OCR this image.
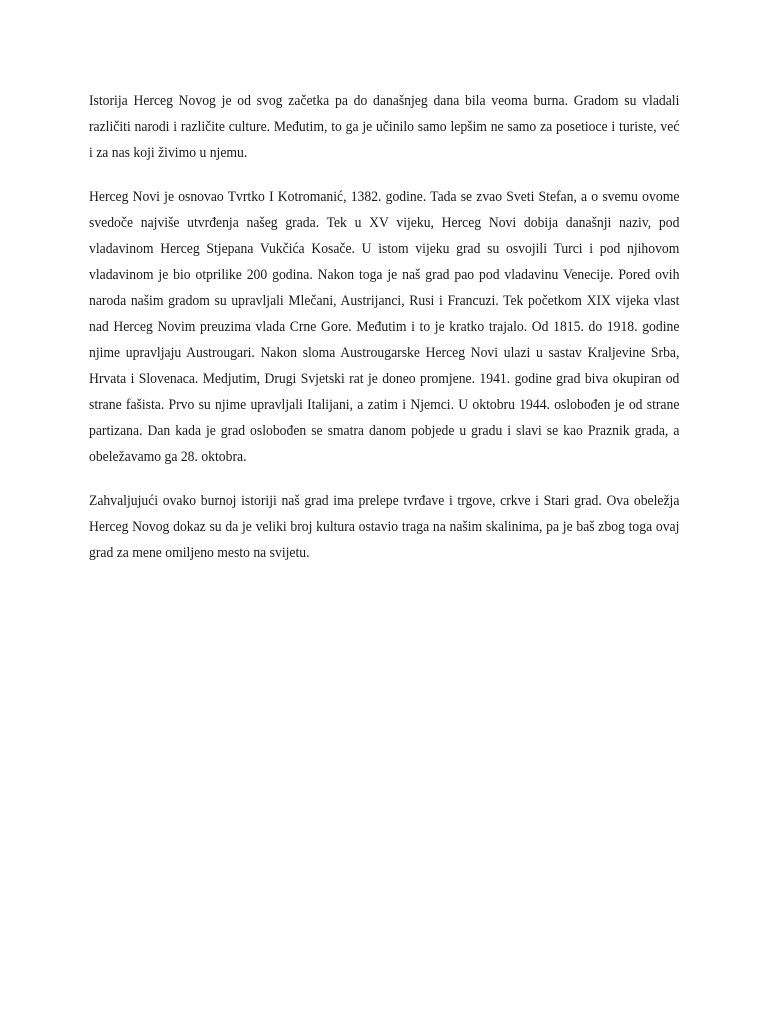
Istorija Herceg Novog je od svog začetka pa do današnjeg dana bila veoma burna. Gradom su vladali različiti narodi i različite culture. Međutim, to ga je učinilo samo lepšim ne samo za posetioce i turiste, već i za nas koji živimo u njemu.

Herceg Novi je osnovao Tvrtko I Kotromanić, 1382. godine. Tada se zvao Sveti Stefan, a o svemu ovome svedoče najviše utvrđenja našeg grada. Tek u XV vijeku, Herceg Novi dobija današnji naziv, pod vladavinom Herceg Stjepana Vukčića Kosače. U istom vijeku grad su osvojili Turci i pod njihovom vladavinom je bio otprilike 200 godina. Nakon toga je naš grad pao pod vladavinu Venecije. Pored ovih naroda našim gradom su upravljali Mlečani, Austrijanci, Rusi i Francuzi. Tek početkom XIX vijeka vlast nad Herceg Novim preuzima vlada Crne Gore. Međutim i to je kratko trajalo. Od 1815. do 1918. godine njime upravljaju Austrougari. Nakon sloma Austrougarske Herceg Novi ulazi u sastav Kraljevine Srba, Hrvata i Slovenaca. Medjutim, Drugi Svjetski rat je doneo promjene. 1941. godine grad biva okupiran od strane fašista. Prvo su njime upravljali Italijani, a zatim i Njemci. U oktobru 1944. oslobođen je od strane partizana. Dan kada je grad oslobođen se smatra danom pobjede u gradu i slavi se kao Praznik grada, a obeležavamo ga 28. oktobra.

Zahvaljujući ovako burnoj istoriji naš grad ima prelepe tvrđave i trgove, crkve i Stari grad. Ova obeležja Herceg Novog dokaz su da je veliki broj kultura ostavio traga na našim skalinima, pa je baš zbog toga ovaj grad za mene omiljeno mesto na svijetu.
